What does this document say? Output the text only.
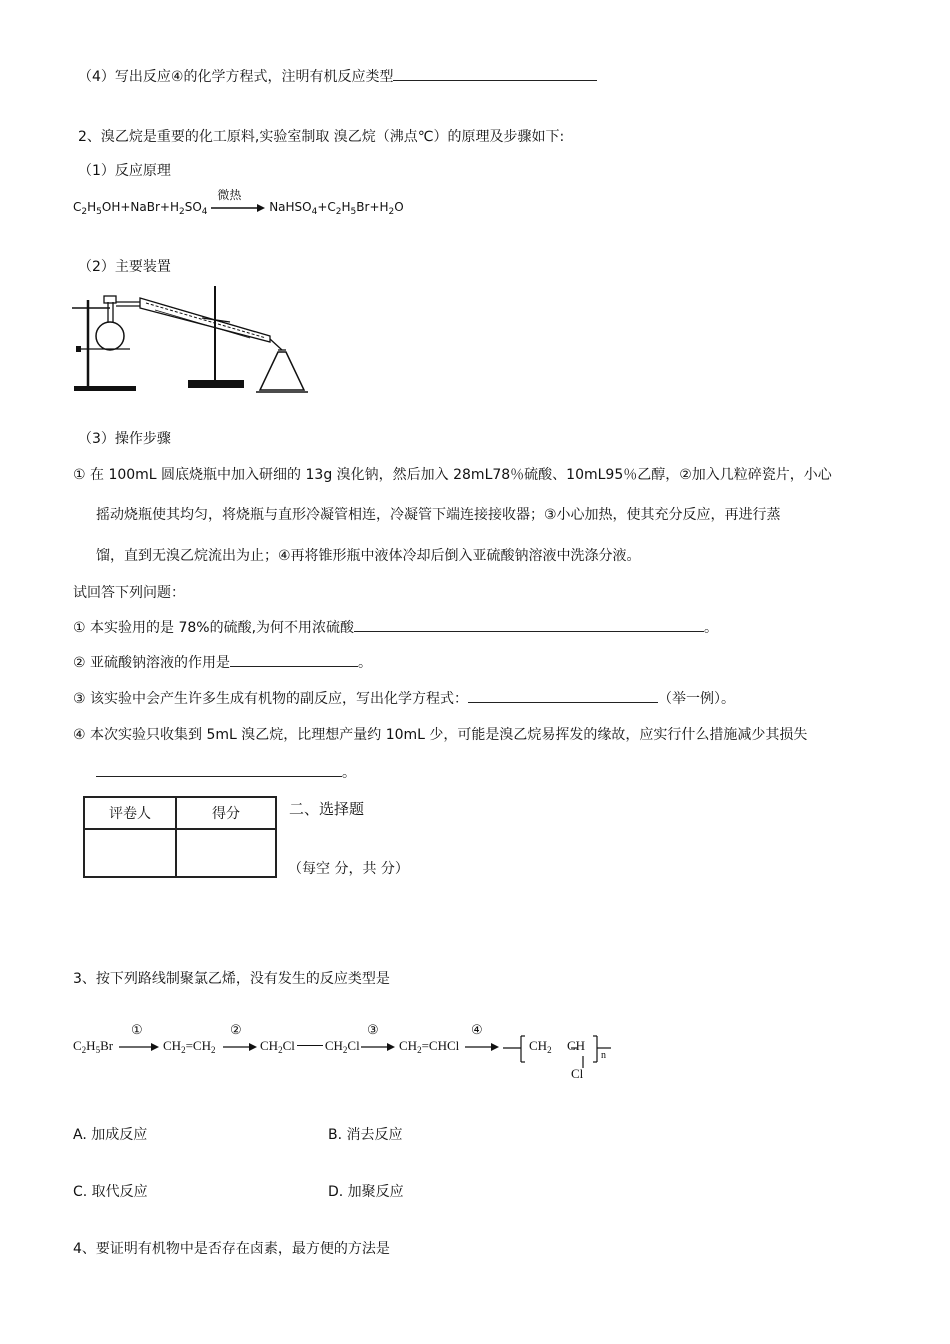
（4）写出反应④的化学方程式，注明有机反应类型
2、溴乙烷是重要的化工原料,实验室制取 溴乙烷（沸点℃）的原理及步骤如下:
（1）反应原理
$C_2H_5OH+NaBr+H_2SO_4$
微热
$NaHSO_4+C_2H_5Br+H_2O$
（2）主要装置
（3）操作步骤
① 在 100mL 圆底烧瓶中加入研细的 13g 溴化钠，然后加入 28mL78％硫酸、10mL95％乙醇，②加入几粒碎瓷片，小心
摇动烧瓶使其均匀，将烧瓶与直形冷凝管相连，冷凝管下端连接接收器；③小心加热，使其充分反应，再进行蒸
馏，直到无溴乙烷流出为止；④再将锥形瓶中液体冷却后倒入亚硫酸钠溶液中洗涤分液。
试回答下列问题：
① 本实验用的是 78%的硫酸,为何不用浓硫酸	。
② 亚硫酸钠溶液的作用是	。
③ 该实验中会产生许多生成有机物的副反应，写出化学方程式：	（举一例）。
④ 本次实验只收集到 5mL 溴乙烷，比理想产量约 10mL 少，可能是溴乙烷易挥发的缘故，应实行什么措施减少其损失
。
评卷人	得分
		二、选择题
（每空 分，共 分）
3、按下列路线制聚氯乙烯，没有发生的反应类型是
$C_2H_5Br$
①
$CH_2=CH_2$
②
$CH_2Cl$ $CH_2Cl$
③
$CH_2=CHCl$
④
$CH_2$ CH
Cl
n
A. 加成反应	B. 消去反应
C. 取代反应	D. 加聚反应
4、要证明有机物中是否存在卤素，最方便的方法是
